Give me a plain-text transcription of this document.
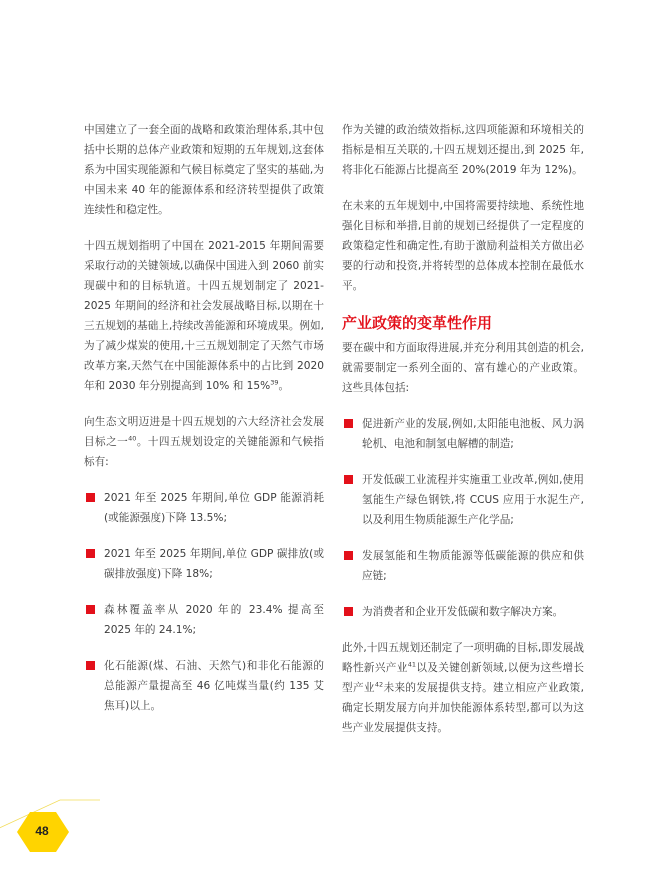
中国建立了一套全面的战略和政策治理体系,其中包括中长期的总体产业政策和短期的五年规划,这套体系为中国实现能源和气候目标奠定了坚实的基础,为中国未来 40 年的能源体系和经济转型提供了政策连续性和稳定性。

十四五规划指明了中国在 2021-2015 年期间需要采取行动的关键领域,以确保中国进入到 2060 前实现碳中和的目标轨道。十四五规划制定了 2021-2025 年期间的经济和社会发展战略目标,以期在十三五规划的基础上,持续改善能源和环境成果。例如,为了减少煤炭的使用,十三五规划制定了天然气市场改革方案,天然气在中国能源体系中的占比到 2020 年和 2030 年分别提高到 10% 和 15%$^{39}$。

向生态文明迈进是十四五规划的六大经济社会发展目标之一$^{40}$。十四五规划设定的关键能源和气候指标有:

2021 年至 2025 年期间,单位 GDP 能源消耗(或能源强度)下降 13.5%;
2021 年至 2025 年期间,单位 GDP 碳排放(或碳排放强度)下降 18%;
森林覆盖率从 2020 年的 23.4% 提高至 2025 年的 24.1%;
化石能源(煤、石油、天然气)和非化石能源的总能源产量提高至 46 亿吨煤当量(约 135 艾焦耳)以上。

作为关键的政治绩效指标,这四项能源和环境相关的指标是相互关联的,十四五规划还提出,到 2025 年,将非化石能源占比提高至 20%(2019 年为 12%)。

在未来的五年规划中,中国将需要持续地、系统性地强化目标和举措,目前的规划已经提供了一定程度的政策稳定性和确定性,有助于激励利益相关方做出必要的行动和投资,并将转型的总体成本控制在最低水平。

产业政策的变革性作用

要在碳中和方面取得进展,并充分利用其创造的机会,就需要制定一系列全面的、富有雄心的产业政策。这些具体包括:

促进新产业的发展,例如,太阳能电池板、风力涡轮机、电池和制氢电解槽的制造;
开发低碳工业流程并实施重工业改革,例如,使用氢能生产绿色钢铁,将 CCUS 应用于水泥生产,以及利用生物质能源生产化学品;
发展氢能和生物质能源等低碳能源的供应和供应链;
为消费者和企业开发低碳和数字解决方案。

此外,十四五规划还制定了一项明确的目标,即发展战略性新兴产业$^{41}$以及关键创新领域,以便为这些增长型产业$^{42}$未来的发展提供支持。建立相应产业政策,确定长期发展方向并加快能源体系转型,都可以为这些产业发展提供支持。

48
